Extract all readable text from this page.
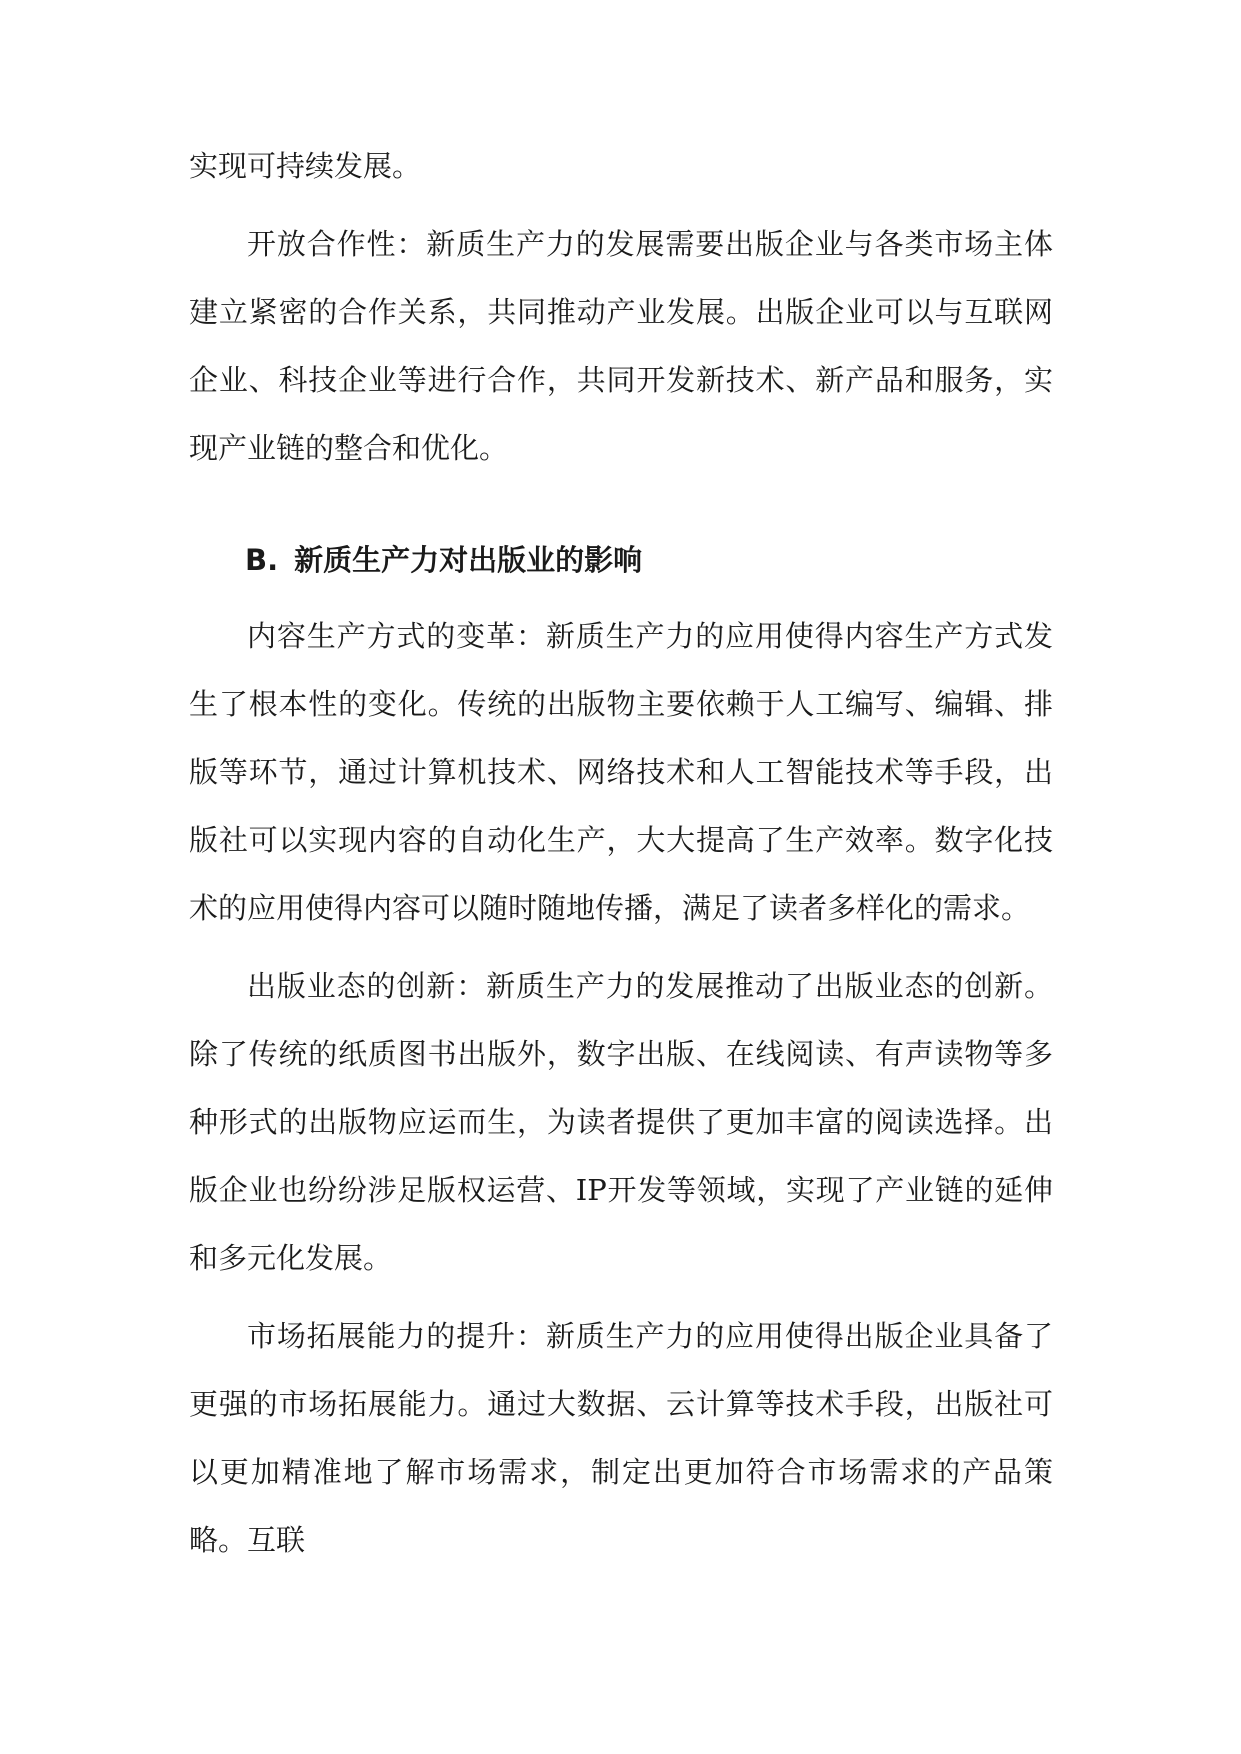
实现可持续发展。

开放合作性：新质生产力的发展需要出版企业与各类市场主体建立紧密的合作关系，共同推动产业发展。出版企业可以与互联网企业、科技企业等进行合作，共同开发新技术、新产品和服务，实现产业链的整合和优化。

B. 新质生产力对出版业的影响

内容生产方式的变革：新质生产力的应用使得内容生产方式发生了根本性的变化。传统的出版物主要依赖于人工编写、编辑、排版等环节，通过计算机技术、网络技术和人工智能技术等手段，出版社可以实现内容的自动化生产，大大提高了生产效率。数字化技术的应用使得内容可以随时随地传播，满足了读者多样化的需求。

出版业态的创新：新质生产力的发展推动了出版业态的创新。除了传统的纸质图书出版外，数字出版、在线阅读、有声读物等多种形式的出版物应运而生，为读者提供了更加丰富的阅读选择。出版企业也纷纷涉足版权运营、IP开发等领域，实现了产业链的延伸和多元化发展。

市场拓展能力的提升：新质生产力的应用使得出版企业具备了更强的市场拓展能力。通过大数据、云计算等技术手段，出版社可以更加精准地了解市场需求，制定出更加符合市场需求的产品策略。互联
